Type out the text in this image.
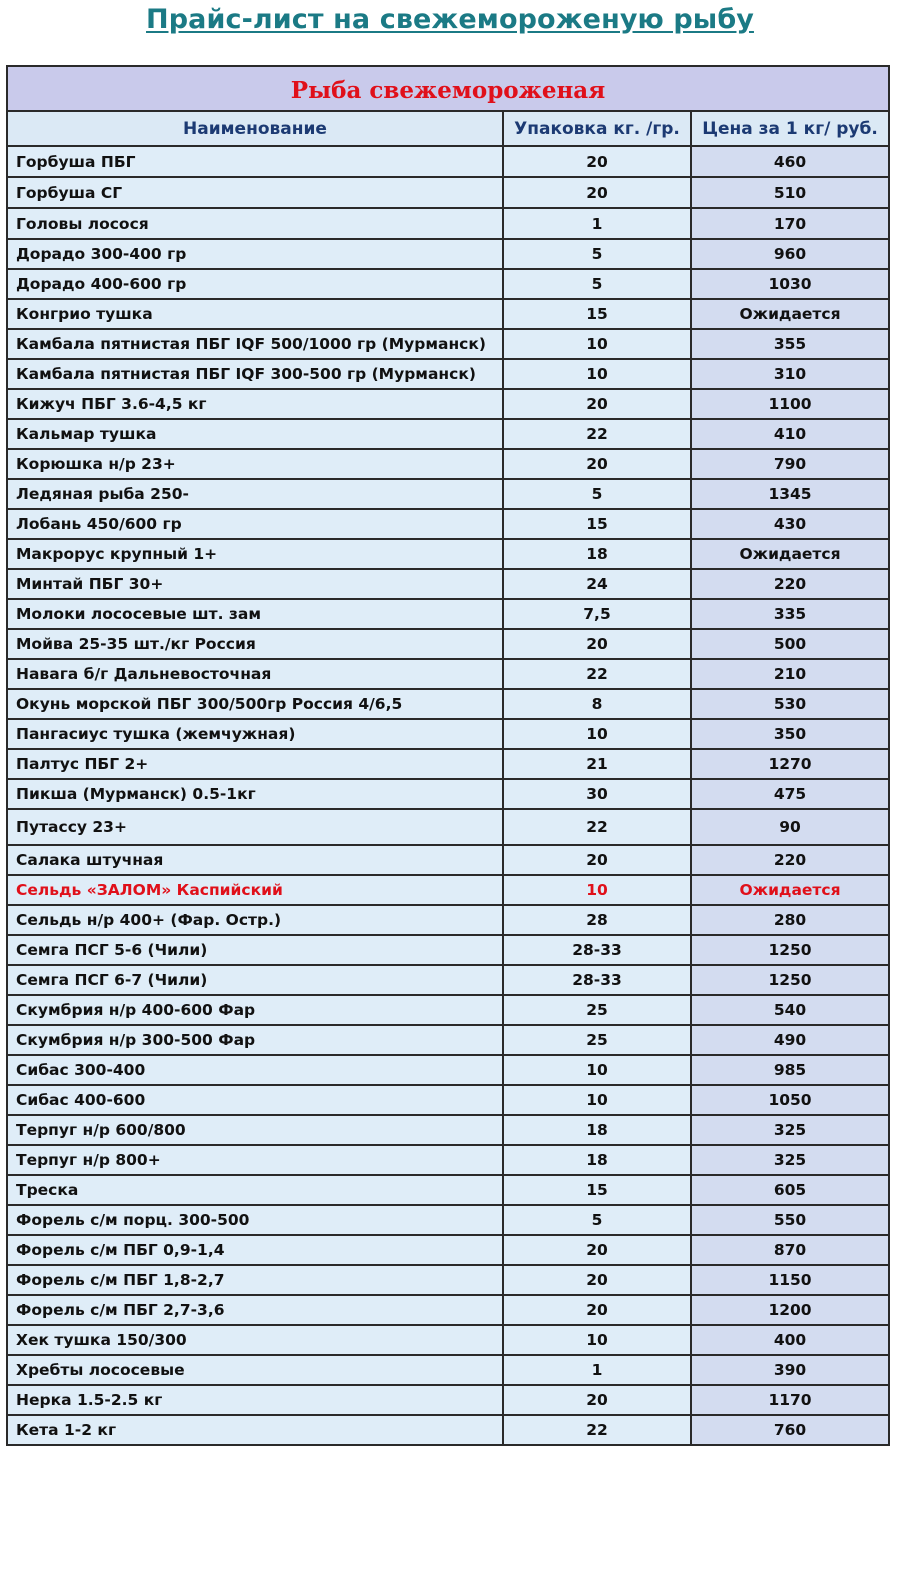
Прайс-лист на свежемороженую рыбу
Рыба свежемороженая		
Наименование	Упаковка кг. /гр.	Цена за 1 кг/ руб.
Горбуша ПБГ	20	460
Горбуша СГ	20	510
Головы лосося	1	170
Дорадо 300-400 гр	5	960
Дорадо 400-600 гр	5	1030
Конгрио тушка	15	Ожидается
Камбала пятнистая ПБГ IQF 500/1000 гр (Мурманск)	10	355
Камбала пятнистая ПБГ IQF 300-500 гр (Мурманск)	10	310
Кижуч ПБГ 3.6-4,5 кг	20	1100
Кальмар тушка	22	410
Корюшка н/р 23+	20	790
Ледяная рыба 250-	5	1345
Лобань 450/600 гр	15	430
Макрорус крупный 1+	18	Ожидается
Минтай ПБГ 30+	24	220
Молоки лососевые шт. зам	7,5	335
Мойва 25-35 шт./кг Россия	20	500
Навага б/г Дальневосточная	22	210
Окунь морской ПБГ 300/500гр Россия 4/6,5	8	530
Пангасиус тушка (жемчужная)	10	350
Палтус ПБГ 2+	21	1270
Пикша (Мурманск) 0.5-1кг	30	475
Путассу 23+	22	90
Салака штучная	20	220
Сельдь «ЗАЛОМ» Каспийский	10	Ожидается
Сельдь н/р 400+ (Фар. Остр.)	28	280
Семга ПСГ 5-6 (Чили)	28-33	1250
Семга ПСГ 6-7 (Чили)	28-33	1250
Скумбрия н/р 400-600 Фар	25	540
Скумбрия н/р 300-500 Фар	25	490
Сибас 300-400	10	985
Сибас 400-600	10	1050
Терпуг н/р 600/800	18	325
Терпуг н/р 800+	18	325
Треска	15	605
Форель с/м порц. 300-500	5	550
Форель с/м ПБГ 0,9-1,4	20	870
Форель с/м ПБГ 1,8-2,7	20	1150
Форель с/м ПБГ 2,7-3,6	20	1200
Хек тушка 150/300	10	400
Хребты лососевые	1	390
Нерка 1.5-2.5 кг	20	1170
Кета 1-2 кг	22	760
